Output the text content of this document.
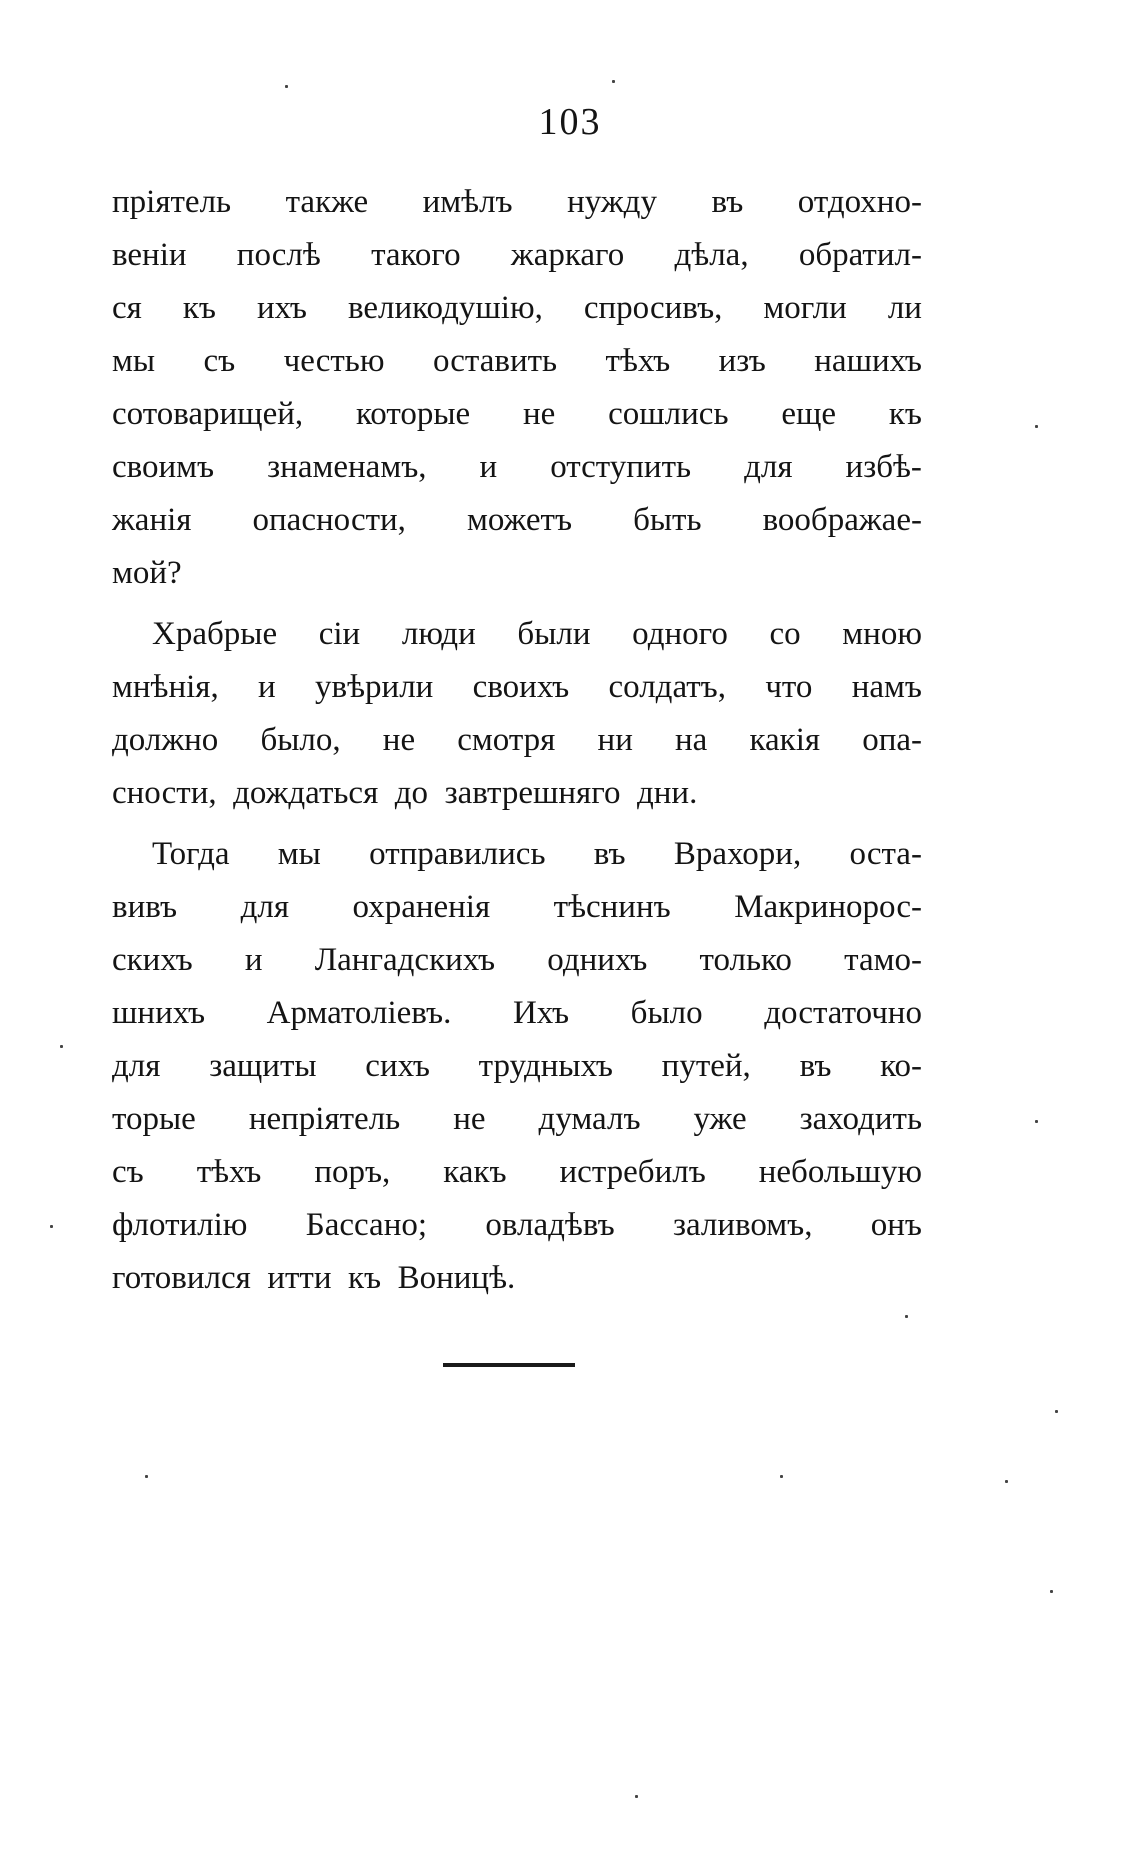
103
пріятель также имѣлъ нужду въ отдохно-
веніи послѣ такого жаркаго дѣла, обратил-
ся къ ихъ великодушію, спросивъ, могли ли
мы съ честью оставить тѣхъ изъ нашихъ
сотоварищей, которые не сошлись еще къ
своимъ знаменамъ, и отступить для избѣ-
жанія опасности, можетъ быть воображае-
мой?
Храбрые сіи люди были одного со мною
мнѣнія, и увѣрили своихъ солдатъ, что намъ
должно было, не смотря ни на какія опа-
сности, дождаться до завтрешняго дни.
Тогда мы отправились въ Врахори, оста-
вивъ для охраненія тѣснинъ Макринорос-
скихъ и Лангадскихъ однихъ только тамо-
шнихъ Арматоліевъ. Ихъ было достаточно
для защиты сихъ трудныхъ путей, въ ко-
торые непріятель не думалъ уже заходить
съ тѣхъ поръ, какъ истребилъ небольшую
флотилію Бассано; овладѣвъ заливомъ, онъ
готовился итти къ Воницѣ.
